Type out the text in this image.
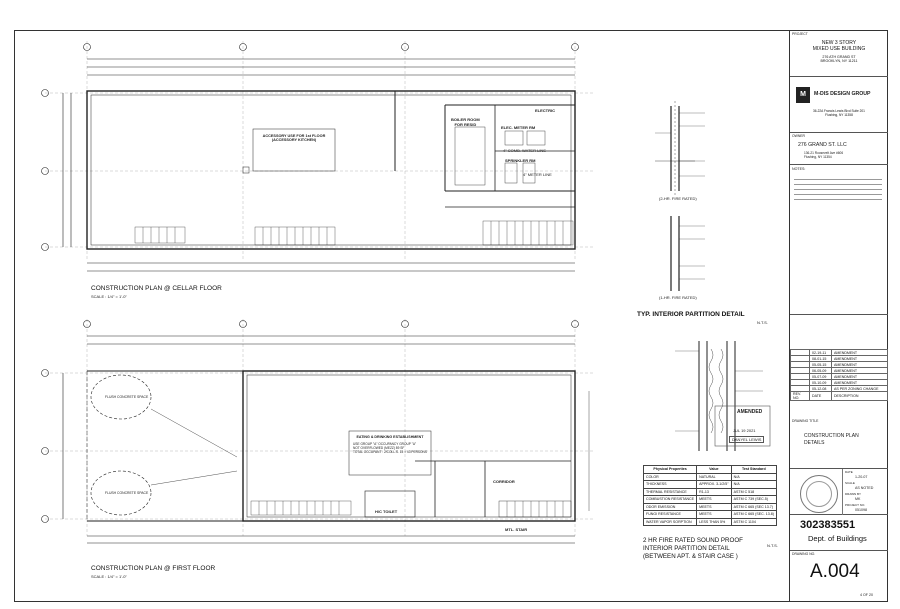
CONSTRUCTION PLAN @ CELLAR FLOOR
SCALE : 1/4" = 1'-0"
ACCESSORY USE FOR 1st FLOOR
(ACCESSORY KITCHEN)
BOILER ROOM
FOR RESID
ELEC. METER RM
SPRINKLER RM
ELECTRIC
4" COMB. WATER LINE
4" METER LINE
CONSTRUCTION PLAN @ FIRST FLOOR
SCALE : 1/4" = 1'-0"
EATING & DRINKING ESTABLISHMENT
USE GROUP "A" OCCUPANCY GROUP "A"
NOT OVERFLOWED (MEZZ) 89 SF
TOTAL OCCUPANT : 2/COLL.S. 15 = 43 PERSONS
CORRIDOR
H/C TOILET
MTL. STAIR
FLUSH CONCRETE SPACE
FLUSH CONCRETE SPACE
(2-HR. FIRE RATED)
(1-HR. FIRE RATED)
TYP. INTERIOR PARTITION DETAIL
N.T.S.
AMENDED
JUL 19 2021
DANYEL LEWIS
Physical Properties	Value	Test Standard
COLOR	NATURAL	N/A
THICKNESS	APPROX. 3-1/2/5"	N/A
THERMAL RESISTANCE	R1-13	ASTM C 518
COMBUSTION RESISTANCE	MEETS	ASTM C 739 (SEC.5)
ODOR EMISSION	MEETS	ASTM C 665 (SEC 13.7)
FUNGI RESISTANCE	MEETS	ASTM C 665 (SEC. 13.8)
WATER VAPOR SORPTION	LESS THAN 5%	ASTM C 1104
2 HR FIRE RATED SOUND PROOF
INTERIOR PARTITION DETAIL
(BETWEEN APT. & STAIR CASE )
N.T.S.
PROJECT
NEW 3 STORY
MIXED USE BUILDING
276 ATH GRAND ST
BROOKLYN, NY 11211
M	M-DIS DESIGN GROUP
36-22A Francis Lewis Blvd Suite 201
Flushing, NY 11358
OWNER
276 GRAND ST. LLC
136-21 Roosevelt Ave #606
Flushing, NY 11354
NOTES:
	02-19-11	AMENDMENT
	08-01-15	AMENDMENT
	05-05-15	AMENDMENT
	06-05-09	AMENDMENT
	05-07-09	AMENDMENT
	05-10-09	AMENDMENT
	05-12-08	AS PER ZONING CHANGE
REV. NO.	DATE	DESCRIPTION
DRAWING TITLE
CONSTRUCTION PLAN
DETAILS
DATE
1-20-07
SCALE
AS NOTED
DRAWN BY
MK
PROJECT NO.
051098
302383551
Dept. of Buildings
DRAWING NO.
A.004
4 OF 20
